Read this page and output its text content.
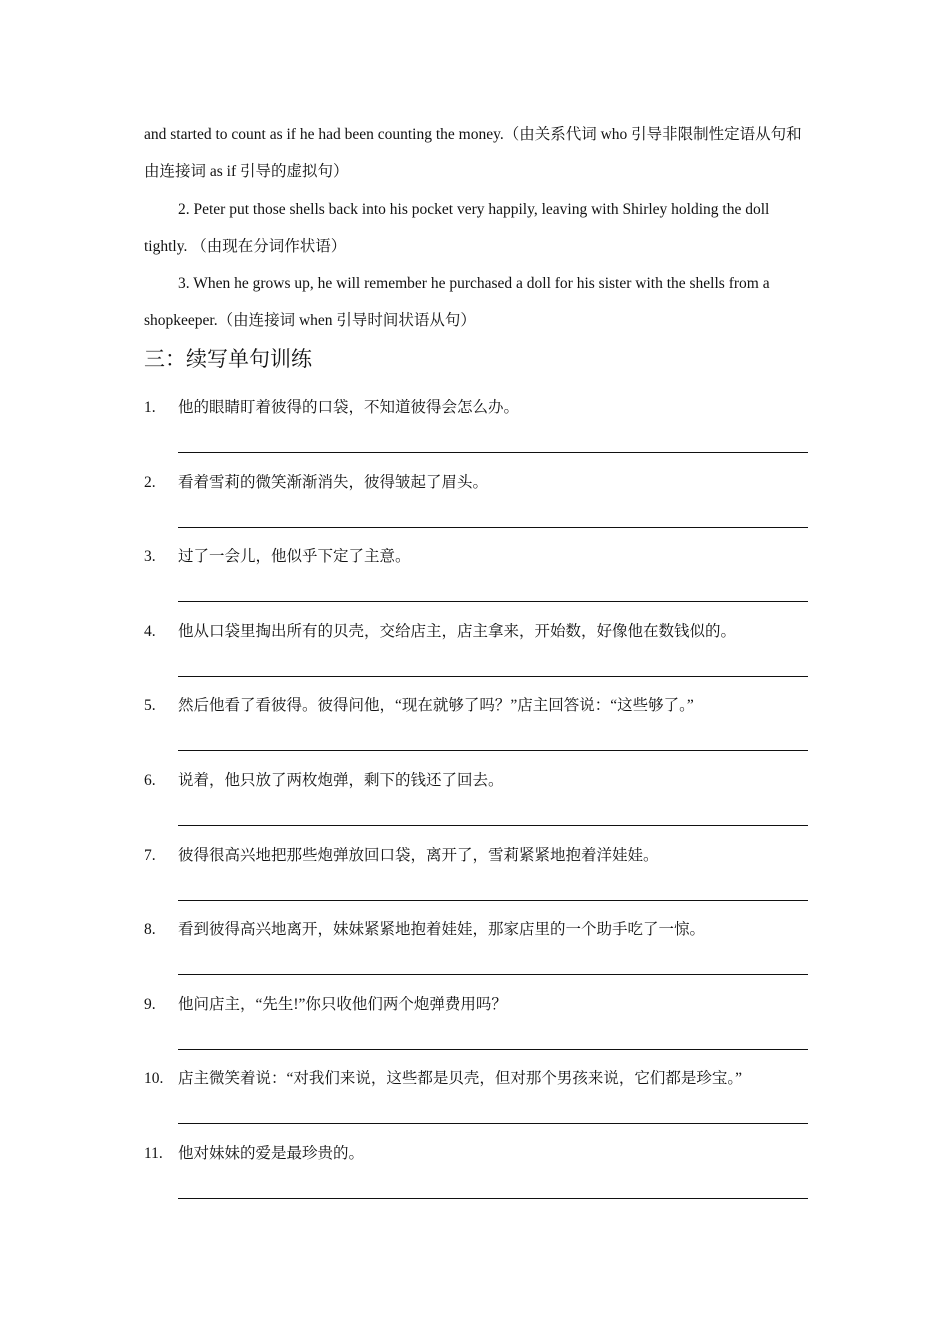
and started to count as if he had been counting the money.（由关系代词 who 引导非限制性定语从句和由连接词 as if 引导的虚拟句）
2. Peter put those shells back into his pocket very happily, leaving with Shirley holding the doll tightly. （由现在分词作状语）
3. When he grows up, he will remember he purchased a doll for his sister with the shells from a shopkeeper.（由连接词 when 引导时间状语从句）
三：续写单句训练
1. 他的眼睛盯着彼得的口袋，不知道彼得会怎么办。
2. 看着雪莉的微笑渐渐消失，彼得皱起了眉头。
3. 过了一会儿，他似乎下定了主意。
4. 他从口袋里掏出所有的贝壳，交给店主，店主拿来，开始数，好像他在数钱似的。
5. 然后他看了看彼得。彼得问他，“现在就够了吗？”店主回答说：“这些够了。”
6. 说着，他只放了两枚炮弹，剩下的钱还了回去。
7. 彼得很高兴地把那些炮弹放回口袋，离开了，雪莉紧紧地抱着洋娃娃。
8. 看到彼得高兴地离开，妹妹紧紧地抱着娃娃，那家店里的一个助手吃了一惊。
9. 他问店主，“先生!”你只收他们两个炮弹费用吗？
10. 店主微笑着说：“对我们来说，这些都是贝壳，但对那个男孩来说，它们都是珍宝。”
11. 他对妹妹的爱是最珍贵的。
